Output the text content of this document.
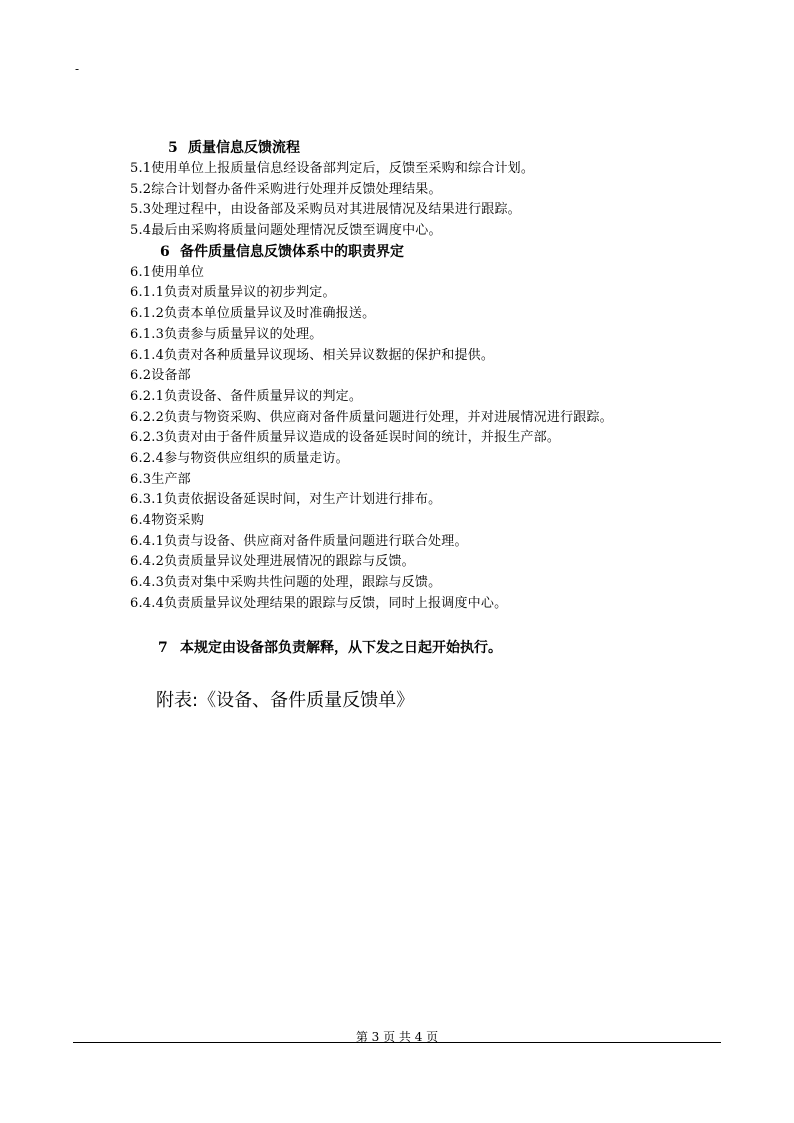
-
5 质量信息反馈流程
5.1使用单位上报质量信息经设备部判定后，反馈至采购和综合计划。
5.2综合计划督办备件采购进行处理并反馈处理结果。
5.3处理过程中，由设备部及采购员对其进展情况及结果进行跟踪。
5.4最后由采购将质量问题处理情况反馈至调度中心。
6 备件质量信息反馈体系中的职责界定
6.1使用单位
6.1.1负责对质量异议的初步判定。
6.1.2负责本单位质量异议及时准确报送。
6.1.3负责参与质量异议的处理。
6.1.4负责对各种质量异议现场、相关异议数据的保护和提供。
6.2设备部
6.2.1负责设备、备件质量异议的判定。
6.2.2负责与物资采购、供应商对备件质量问题进行处理，并对进展情况进行跟踪。
6.2.3负责对由于备件质量异议造成的设备延误时间的统计，并报生产部。
6.2.4参与物资供应组织的质量走访。
6.3生产部
6.3.1负责依据设备延误时间，对生产计划进行排布。
6.4物资采购
6.4.1负责与设备、供应商对备件质量问题进行联合处理。
6.4.2负责质量异议处理进展情况的跟踪与反馈。
6.4.3负责对集中采购共性问题的处理，跟踪与反馈。
6.4.4负责质量异议处理结果的跟踪与反馈，同时上报调度中心。
7 本规定由设备部负责解释，从下发之日起开始执行。
附表:《设备、备件质量反馈单》
第 3 页 共 4 页
